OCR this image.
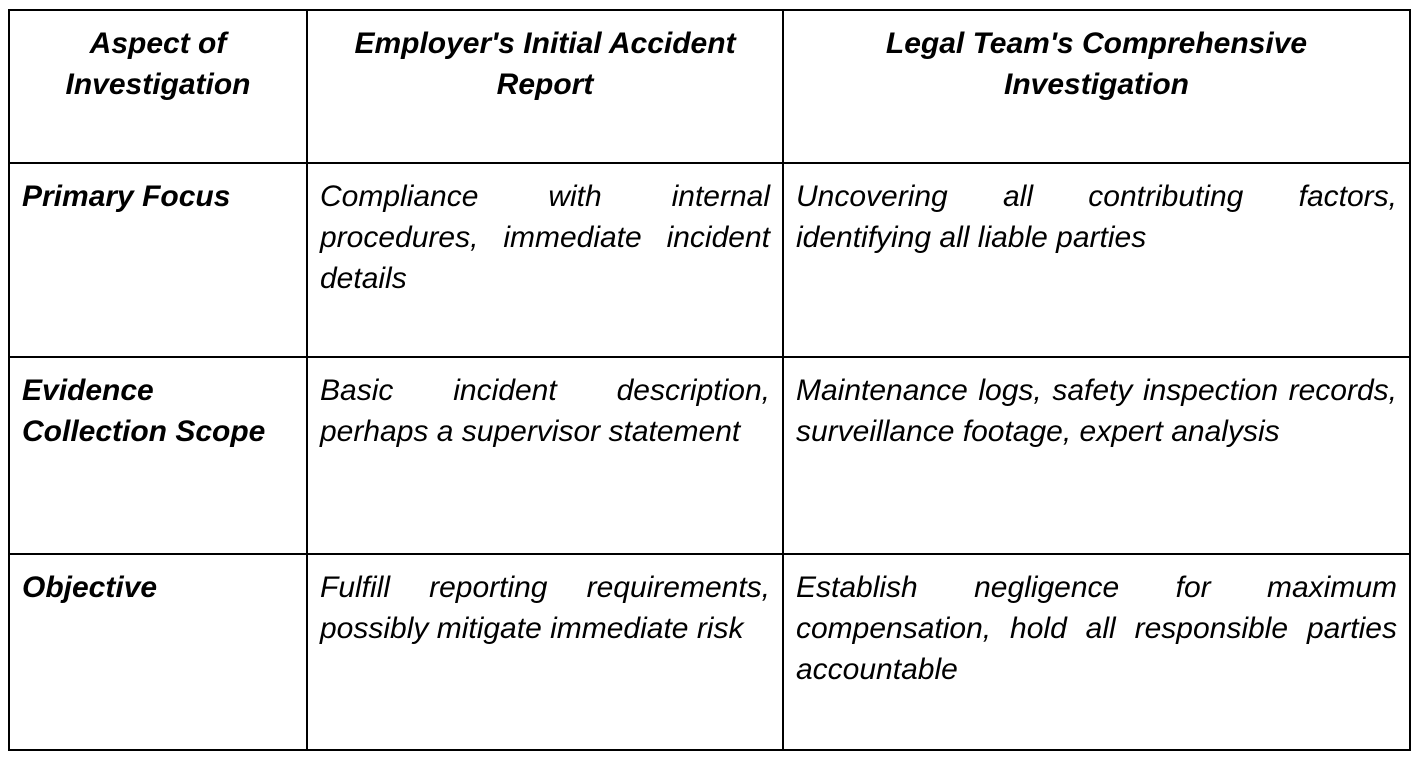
Aspect of Investigation	Employer's Initial Accident Report	Legal Team's Comprehensive Investigation
Primary Focus	Compliance with internal procedures, immediate incident details	Uncovering all contributing factors, identifying all liable parties
Evidence Collection Scope	Basic incident description, perhaps a supervisor statement	Maintenance logs, safety inspection records, surveillance footage, expert analysis
Objective	Fulfill reporting requirements, possibly mitigate immediate risk	Establish negligence for maximum compensation, hold all responsible parties accountable
